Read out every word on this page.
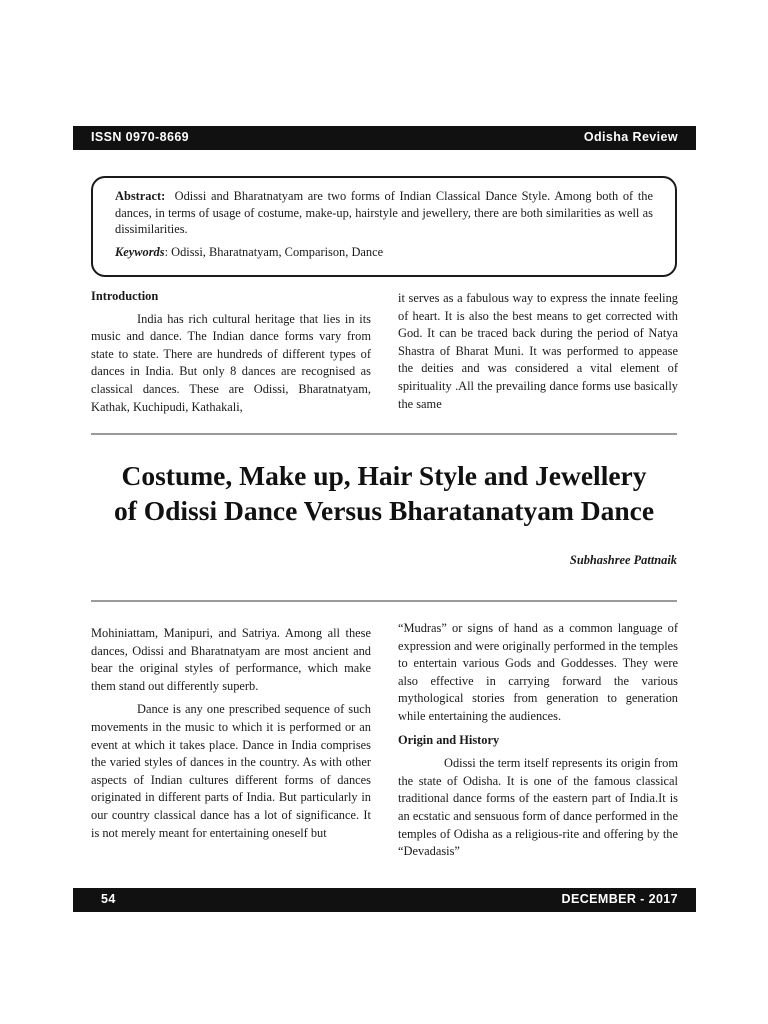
ISSN 0970-8669	Odisha Review

Abstract: Odissi and Bharatnatyam are two forms of Indian Classical Dance Style. Among both of the dances, in terms of usage of costume, make-up, hairstyle and jewellery, there are both similarities as well as dissimilarities.

Keywords: Odissi, Bharatnatyam, Comparison, Dance

Introduction

India has rich cultural heritage that lies in its music and dance. The Indian dance forms vary from state to state. There are hundreds of different types of dances in India. But only 8 dances are recognised as classical dances. These are Odissi, Bharatnatyam, Kathak, Kuchipudi, Kathakali,

it serves as a fabulous way to express the innate feeling of heart. It is also the best means to get corrected with God. It can be traced back during the period of Natya Shastra of Bharat Muni. It was performed to appease the deities and was considered a vital element of spirituality .All the prevailing dance forms use basically the same

Costume, Make up, Hair Style and Jewellery
of Odissi Dance Versus Bharatanatyam Dance
Subhashree Pattnaik

Mohiniattam, Manipuri, and Satriya. Among all these dances, Odissi and Bharatnatyam are most ancient and bear the original styles of performance, which make them stand out differently superb.

Dance is any one prescribed sequence of such movements in the music to which it is performed or an event at which it takes place. Dance in India comprises the varied styles of dances in the country. As with other aspects of Indian cultures different forms of dances originated in different parts of India. But particularly in our country classical dance has a lot of significance. It is not merely meant for entertaining oneself but

“Mudras” or signs of hand as a common language of expression and were originally performed in the temples to entertain various Gods and Goddesses. They were also effective in carrying forward the various mythological stories from generation to generation while entertaining the audiences.

Origin and History

Odissi the term itself represents its origin from the state of Odisha. It is one of the famous classical traditional dance forms of the eastern part of India.It is an ecstatic and sensuous form of dance performed in the temples of Odisha as a religious-rite and offering by the “Devadasis”

54	DECEMBER - 2017
